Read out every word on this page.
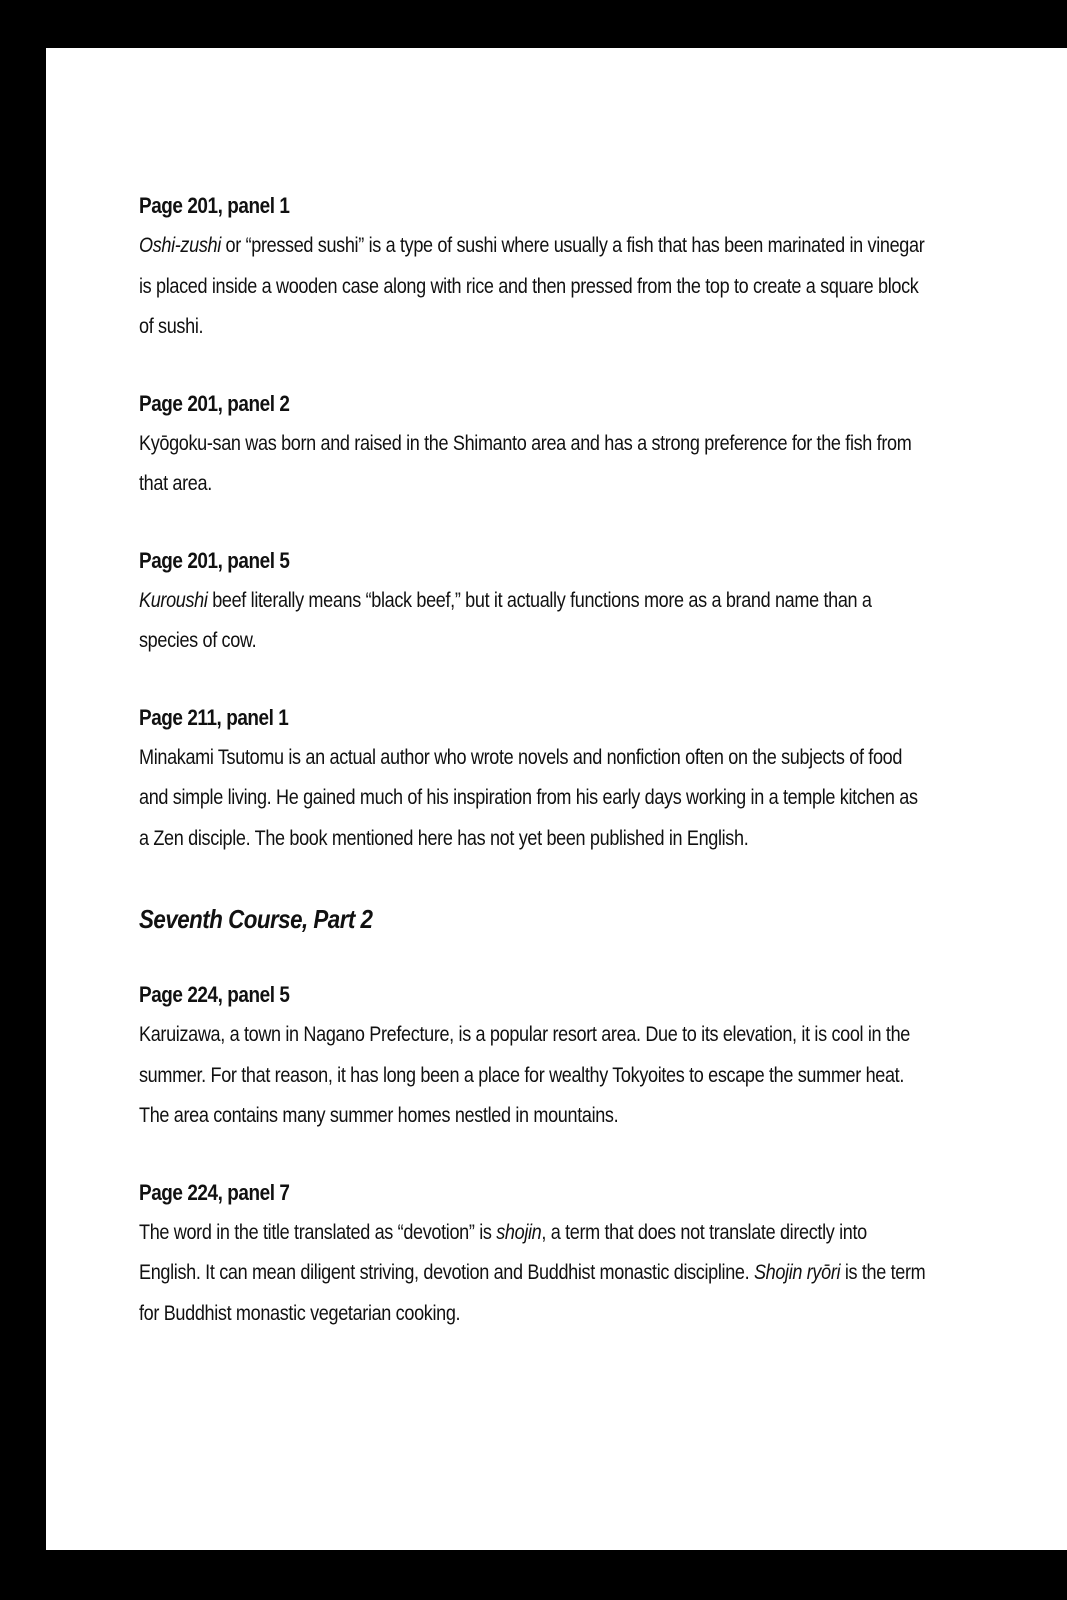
Page 201, panel 1
Oshi-zushi or “pressed sushi” is a type of sushi where usually a fish that has been marinated in vinegar is placed inside a wooden case along with rice and then pressed from the top to create a square block of sushi.
Page 201, panel 2
Kyōgoku-san was born and raised in the Shimanto area and has a strong preference for the fish from that area.
Page 201, panel 5
Kuroushi beef literally means “black beef,” but it actually functions more as a brand name than a species of cow.
Page 211, panel 1
Minakami Tsutomu is an actual author who wrote novels and nonfiction often on the subjects of food and simple living. He gained much of his inspiration from his early days working in a temple kitchen as a Zen disciple. The book mentioned here has not yet been published in English.
Seventh Course, Part 2
Page 224, panel 5
Karuizawa, a town in Nagano Prefecture, is a popular resort area. Due to its elevation, it is cool in the summer. For that reason, it has long been a place for wealthy Tokyoites to escape the summer heat. The area contains many summer homes nestled in mountains.
Page 224, panel 7
The word in the title translated as “devotion” is shojin, a term that does not translate directly into English. It can mean diligent striving, devotion and Buddhist monastic discipline. Shojin ryōri is the term for Buddhist monastic vegetarian cooking.
